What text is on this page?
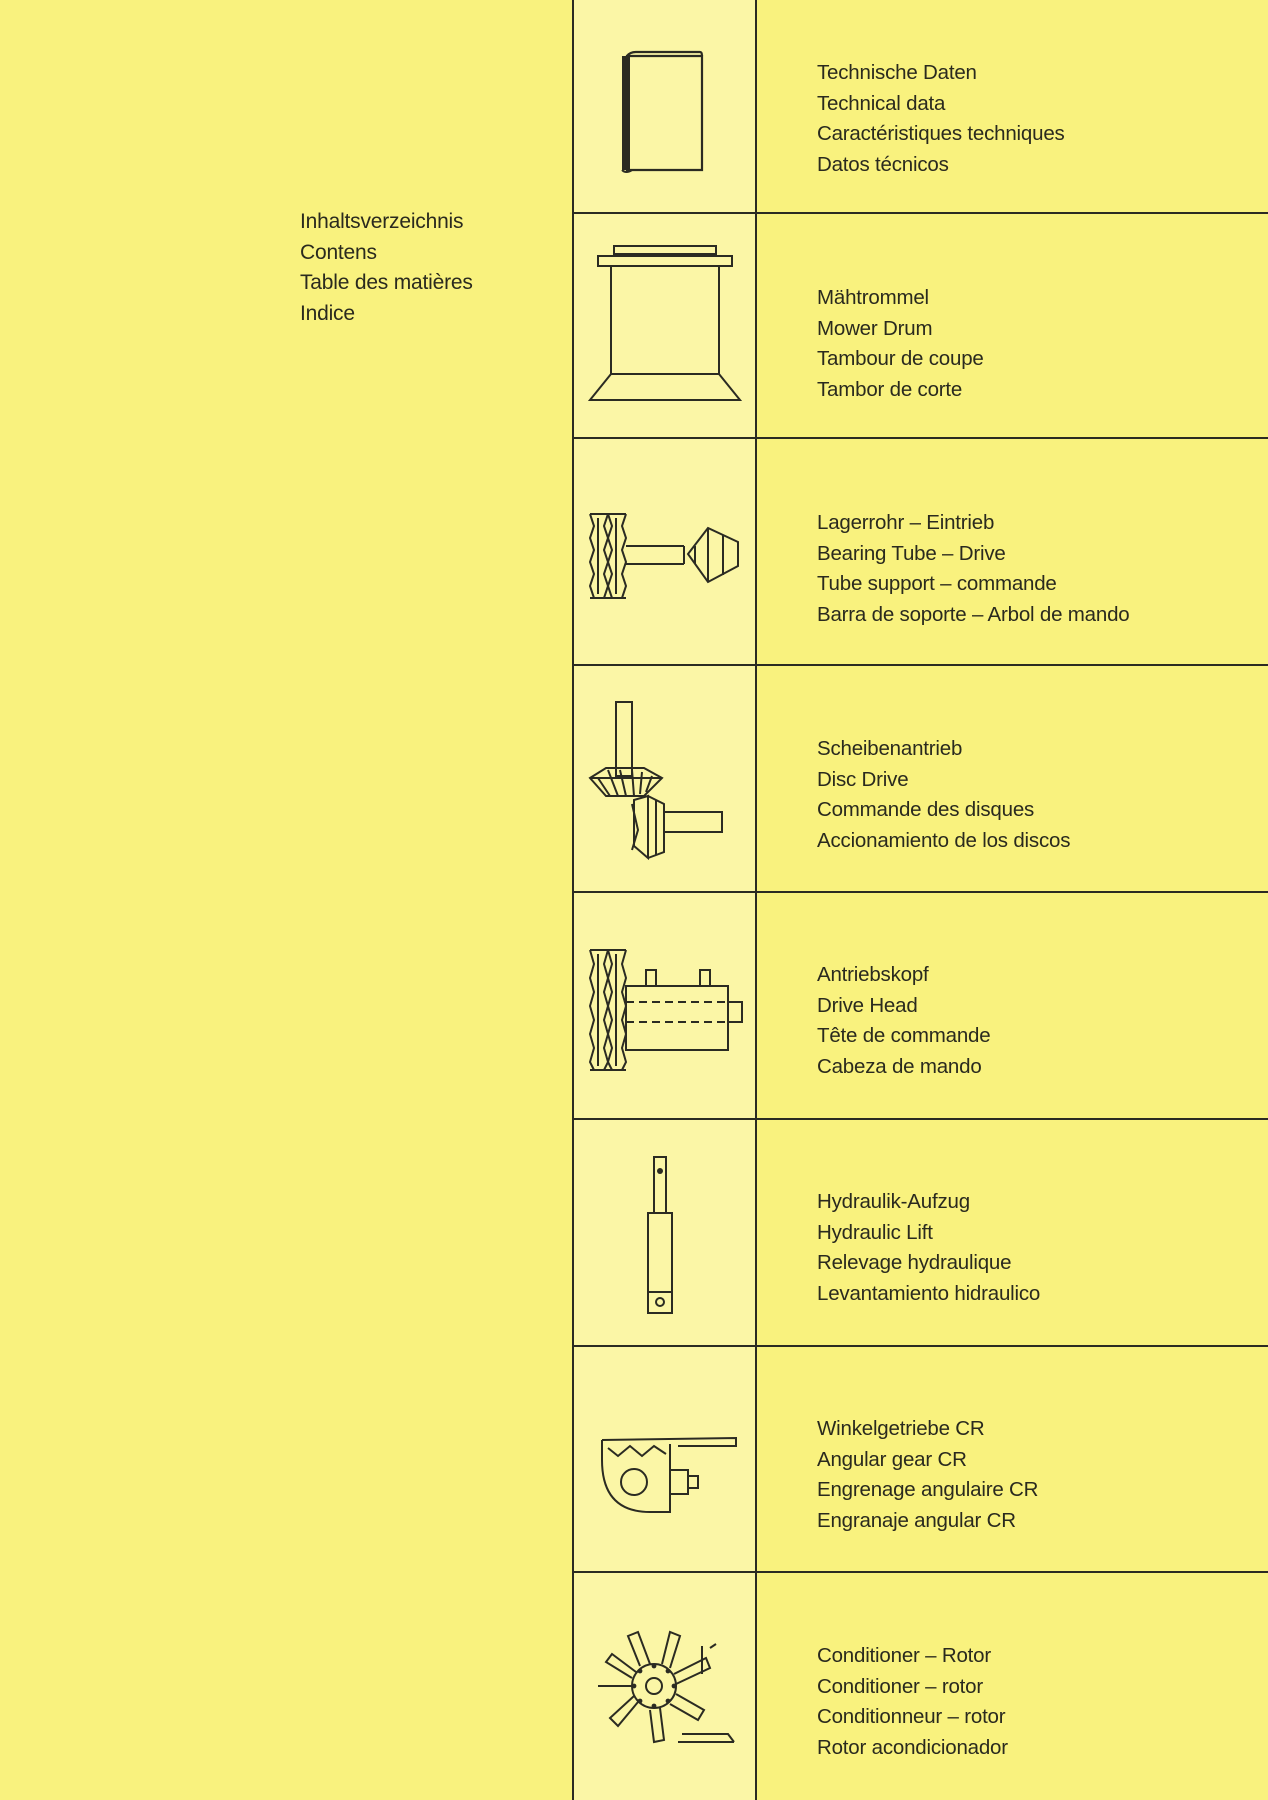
Inhaltsverzeichnis
Contens
Table des matières
Indice
Technische Daten
Technical data
Caractéristiques techniques
Datos técnicos
Mähtrommel
Mower Drum
Tambour de coupe
Tambor de corte
Lagerrohr – Eintrieb
Bearing Tube – Drive
Tube support – commande
Barra de soporte – Arbol de mando
Scheibenantrieb
Disc Drive
Commande des disques
Accionamiento de los discos
Antriebskopf
Drive Head
Tête de commande
Cabeza de mando
Hydraulik-Aufzug
Hydraulic Lift
Relevage hydraulique
Levantamiento hidraulico
Winkelgetriebe CR
Angular gear CR
Engrenage angulaire CR
Engranaje angular CR
Conditioner – Rotor
Conditioner – rotor
Conditionneur – rotor
Rotor acondicionador
